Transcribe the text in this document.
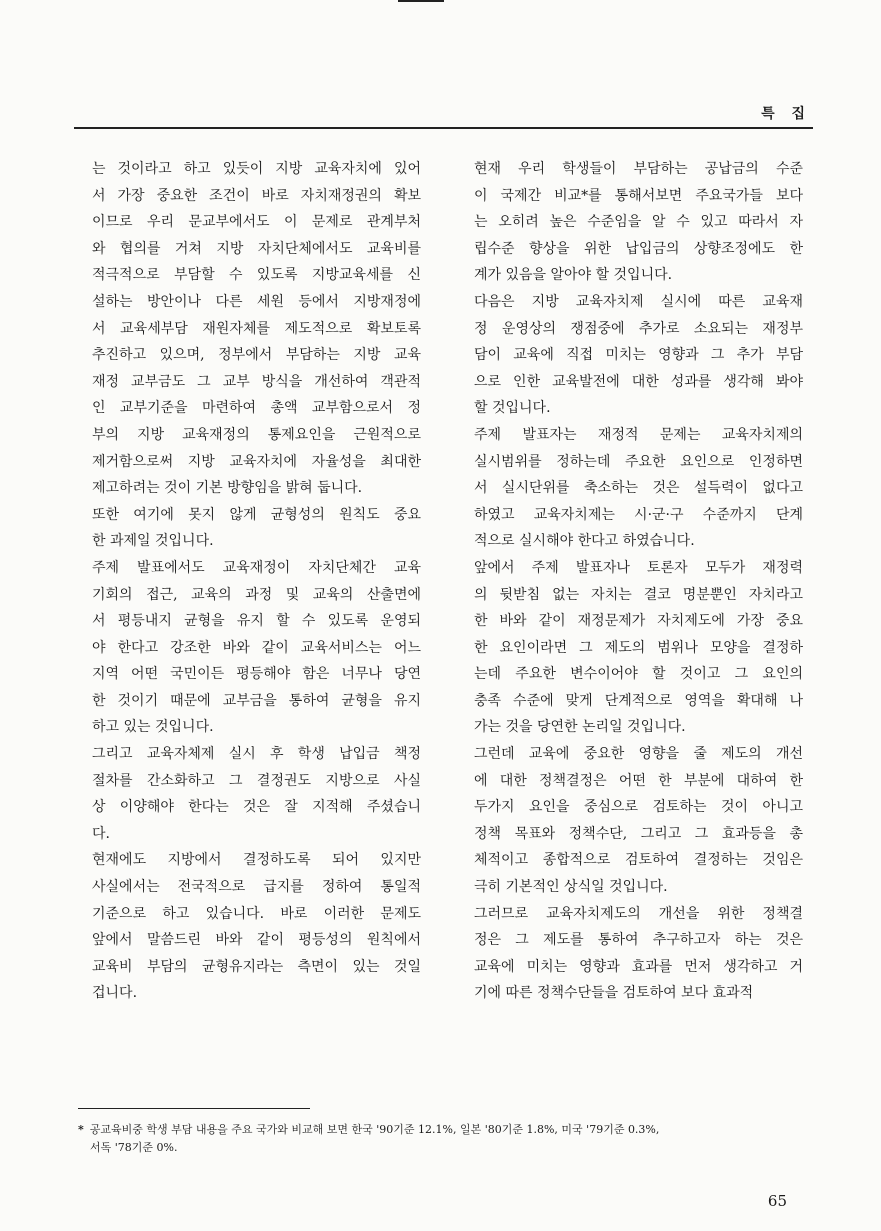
특 집

는 것이라고 하고 있듯이 지방 교육자치에 있어
서 가장 중요한 조건이 바로 자치재정권의 확보
이므로 우리 문교부에서도 이 문제로 관계부처
와 협의를 거쳐 지방 자치단체에서도 교육비를
적극적으로 부담할 수 있도록 지방교육세를 신
설하는 방안이나 다른 세원 등에서 지방재정에
서 교육세부담 재원자체를 제도적으로 확보토록
추진하고 있으며, 정부에서 부담하는 지방 교육
재정 교부금도 그 교부 방식을 개선하여 객관적
인 교부기준을 마련하여 총액 교부함으로서 정
부의 지방 교육재정의 통제요인을 근원적으로
제거함으로써 지방 교육자치에 자율성을 최대한
제고하려는 것이 기본 방향임을 밝혀 둡니다.

또한 여기에 못지 않게 균형성의 원칙도 중요
한 과제일 것입니다.

주제 발표에서도 교육재정이 자치단체간 교육
기회의 접근, 교육의 과정 및 교육의 산출면에
서 평등내지 균형을 유지 할 수 있도록 운영되
야 한다고 강조한 바와 같이 교육서비스는 어느
지역 어떤 국민이든 평등해야 함은 너무나 당연
한 것이기 때문에 교부금을 통하여 균형을 유지
하고 있는 것입니다.

그리고 교육자체제 실시 후 학생 납입금 책정
절차를 간소화하고 그 결정권도 지방으로 사실
상 이양해야 한다는 것은 잘 지적해 주셨습니
다.

현재에도 지방에서 결정하도록 되어 있지만
사실에서는 전국적으로 급지를 정하여 통일적
기준으로 하고 있습니다. 바로 이러한 문제도
앞에서 말씀드린 바와 같이 평등성의 원칙에서
교육비 부담의 균형유지라는 측면이 있는 것일
겁니다.

현재 우리 학생들이 부담하는 공납금의 수준
이 국제간 비교*를 통해서보면 주요국가들 보다
는 오히려 높은 수준임을 알 수 있고 따라서 자
립수준 향상을 위한 납입금의 상향조정에도 한
계가 있음을 알아야 할 것입니다.

다음은 지방 교육자치제 실시에 따른 교육재
정 운영상의 쟁점중에 추가로 소요되는 재정부
담이 교육에 직접 미치는 영향과 그 추가 부담
으로 인한 교육발전에 대한 성과를 생각해 봐야
할 것입니다.

주제 발표자는 재정적 문제는 교육자치제의
실시범위를 정하는데 주요한 요인으로 인정하면
서 실시단위를 축소하는 것은 설득력이 없다고
하였고 교육자치제는 시·군·구 수준까지 단계
적으로 실시해야 한다고 하였습니다.

앞에서 주제 발표자나 토론자 모두가 재정력
의 뒷받침 없는 자치는 결코 명분뿐인 자치라고
한 바와 같이 재정문제가 자치제도에 가장 중요
한 요인이라면 그 제도의 범위나 모양을 결정하
는데 주요한 변수이어야 할 것이고 그 요인의
충족 수준에 맞게 단계적으로 영역을 확대해 나
가는 것을 당연한 논리일 것입니다.

그런데 교육에 중요한 영향을 줄 제도의 개선
에 대한 정책결정은 어떤 한 부분에 대하여 한
두가지 요인을 중심으로 검토하는 것이 아니고
정책 목표와 정책수단, 그리고 그 효과등을 총
체적이고 종합적으로 검토하여 결정하는 것임은
극히 기본적인 상식일 것입니다.

그러므로 교육자치제도의 개선을 위한 정책결
정은 그 제도를 통하여 추구하고자 하는 것은
교육에 미치는 영향과 효과를 먼저 생각하고 거
기에 따른 정책수단들을 검토하여 보다 효과적

* 공교육비중 학생 부담 내용을 주요 국가와 비교해 보면 한국 '90기준 12.1%, 일본 '80기준 1.8%, 미국 '79기준 0.3%,
서독 '78기준 0%.
65
